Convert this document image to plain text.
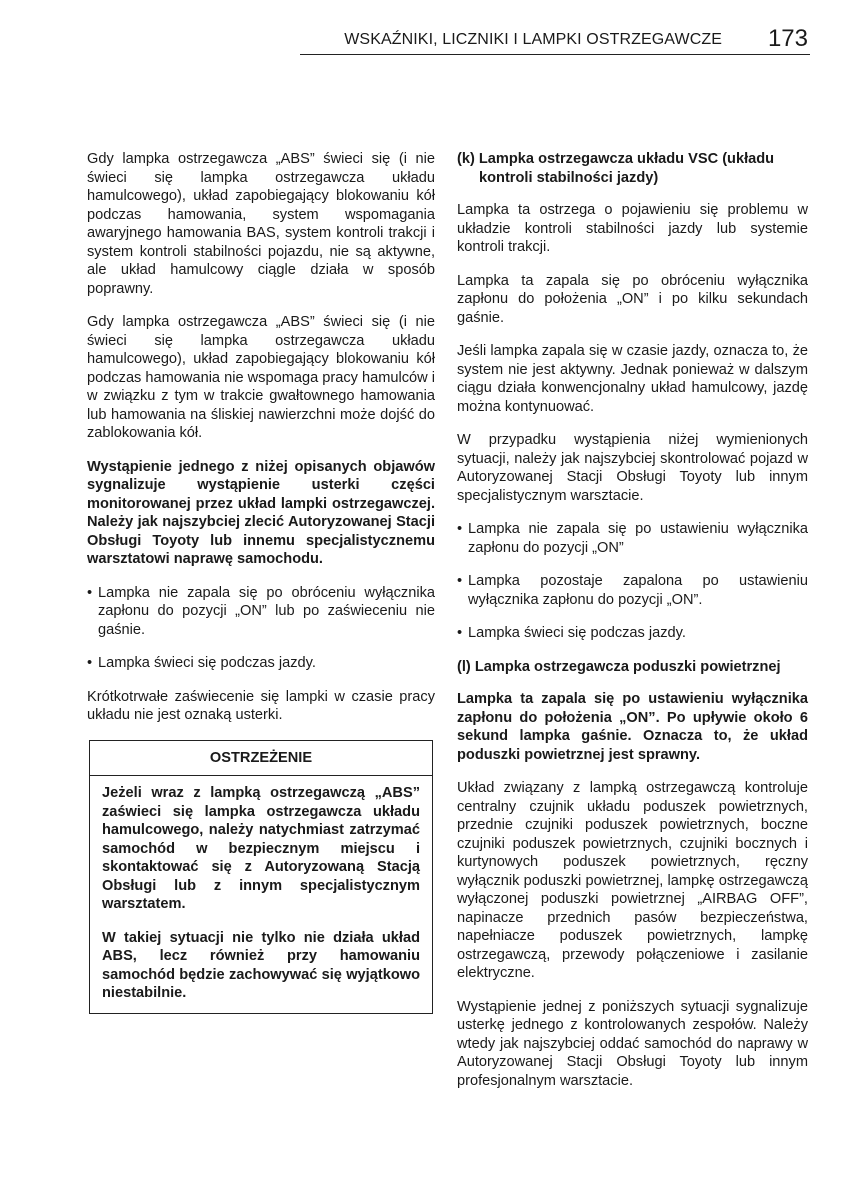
WSKAŹNIKI, LICZNIKI I LAMPKI OSTRZEGAWCZE 173

Gdy lampka ostrzegawcza „ABS” świeci się (i nie świeci się lampka ostrzegawcza układu hamulcowego), układ zapobiegający blokowaniu kół podczas hamowania, system wspomagania awaryjnego hamowania BAS, system kontroli trakcji i system kontroli stabilności pojazdu, nie są aktywne, ale układ hamulcowy ciągle działa w sposób poprawny.

Gdy lampka ostrzegawcza „ABS” świeci się (i nie świeci się lampka ostrzegawcza układu hamulcowego), układ zapobiegający blokowaniu kół podczas hamowania nie wspomaga pracy hamulców i w związku z tym w trakcie gwałtownego hamowania lub hamowania na śliskiej nawierzchni może dojść do zablokowania kół.

Wystąpienie jednego z niżej opisanych objawów sygnalizuje wystąpienie usterki części monitorowanej przez układ lampki ostrzegawczej. Należy jak najszybciej zlecić Autoryzowanej Stacji Obsługi Toyoty lub innemu specjalistycznemu warsztatowi naprawę samochodu.

• Lampka nie zapala się po obróceniu wyłącznika zapłonu do pozycji „ON” lub po zaświeceniu nie gaśnie.
• Lampka świeci się podczas jazdy.

Krótkotrwałe zaświecenie się lampki w czasie pracy układu nie jest oznaką usterki.

OSTRZEŻENIE

Jeżeli wraz z lampką ostrzegawczą „ABS” zaświeci się lampka ostrzegawcza układu hamulcowego, należy natychmiast zatrzymać samochód w bezpiecznym miejscu i skontaktować się z Autoryzowaną Stacją Obsługi lub z innym specjalistycznym warsztatem.

W takiej sytuacji nie tylko nie działa układ ABS, lecz również przy hamowaniu samochód będzie zachowywać się wyjątkowo niestabilnie.

(k) Lampka ostrzegawcza układu VSC (układu kontroli stabilności jazdy)

Lampka ta ostrzega o pojawieniu się problemu w układzie kontroli stabilności jazdy lub systemie kontroli trakcji.

Lampka ta zapala się po obróceniu wyłącznika zapłonu do położenia „ON” i po kilku sekundach gaśnie.

Jeśli lampka zapala się w czasie jazdy, oznacza to, że system nie jest aktywny. Jednak ponieważ w dalszym ciągu działa konwencjonalny układ hamulcowy, jazdę można kontynuować.

W przypadku wystąpienia niżej wymienionych sytuacji, należy jak najszybciej skontrolować pojazd w Autoryzowanej Stacji Obsługi Toyoty lub innym specjalistycznym warsztacie.

• Lampka nie zapala się po ustawieniu wyłącznika zapłonu do pozycji „ON”
• Lampka pozostaje zapalona po ustawieniu wyłącznika zapłonu do pozycji „ON”.
• Lampka świeci się podczas jazdy.
(l) Lampka ostrzegawcza poduszki powietrznej

Lampka ta zapala się po ustawieniu wyłącznika zapłonu do położenia „ON”. Po upływie około 6 sekund lampka gaśnie. Oznacza to, że układ poduszki powietrznej jest sprawny.

Układ związany z lampką ostrzegawczą kontroluje centralny czujnik układu poduszek powietrznych, przednie czujniki poduszek powietrznych, boczne czujniki poduszek powietrznych, czujniki bocznych i kurtynowych poduszek powietrznych, ręczny wyłącznik poduszki powietrznej, lampkę ostrzegawczą wyłączonej poduszki powietrznej „AIRBAG OFF”, napinacze przednich pasów bezpieczeństwa, napełniacze poduszek powietrznych, lampkę ostrzegawczą, przewody połączeniowe i zasilanie elektryczne.

Wystąpienie jednej z poniższych sytuacji sygnalizuje usterkę jednego z kontrolowanych zespołów. Należy wtedy jak najszybciej oddać samochód do naprawy w Autoryzowanej Stacji Obsługi Toyoty lub innym profesjonalnym warsztacie.
